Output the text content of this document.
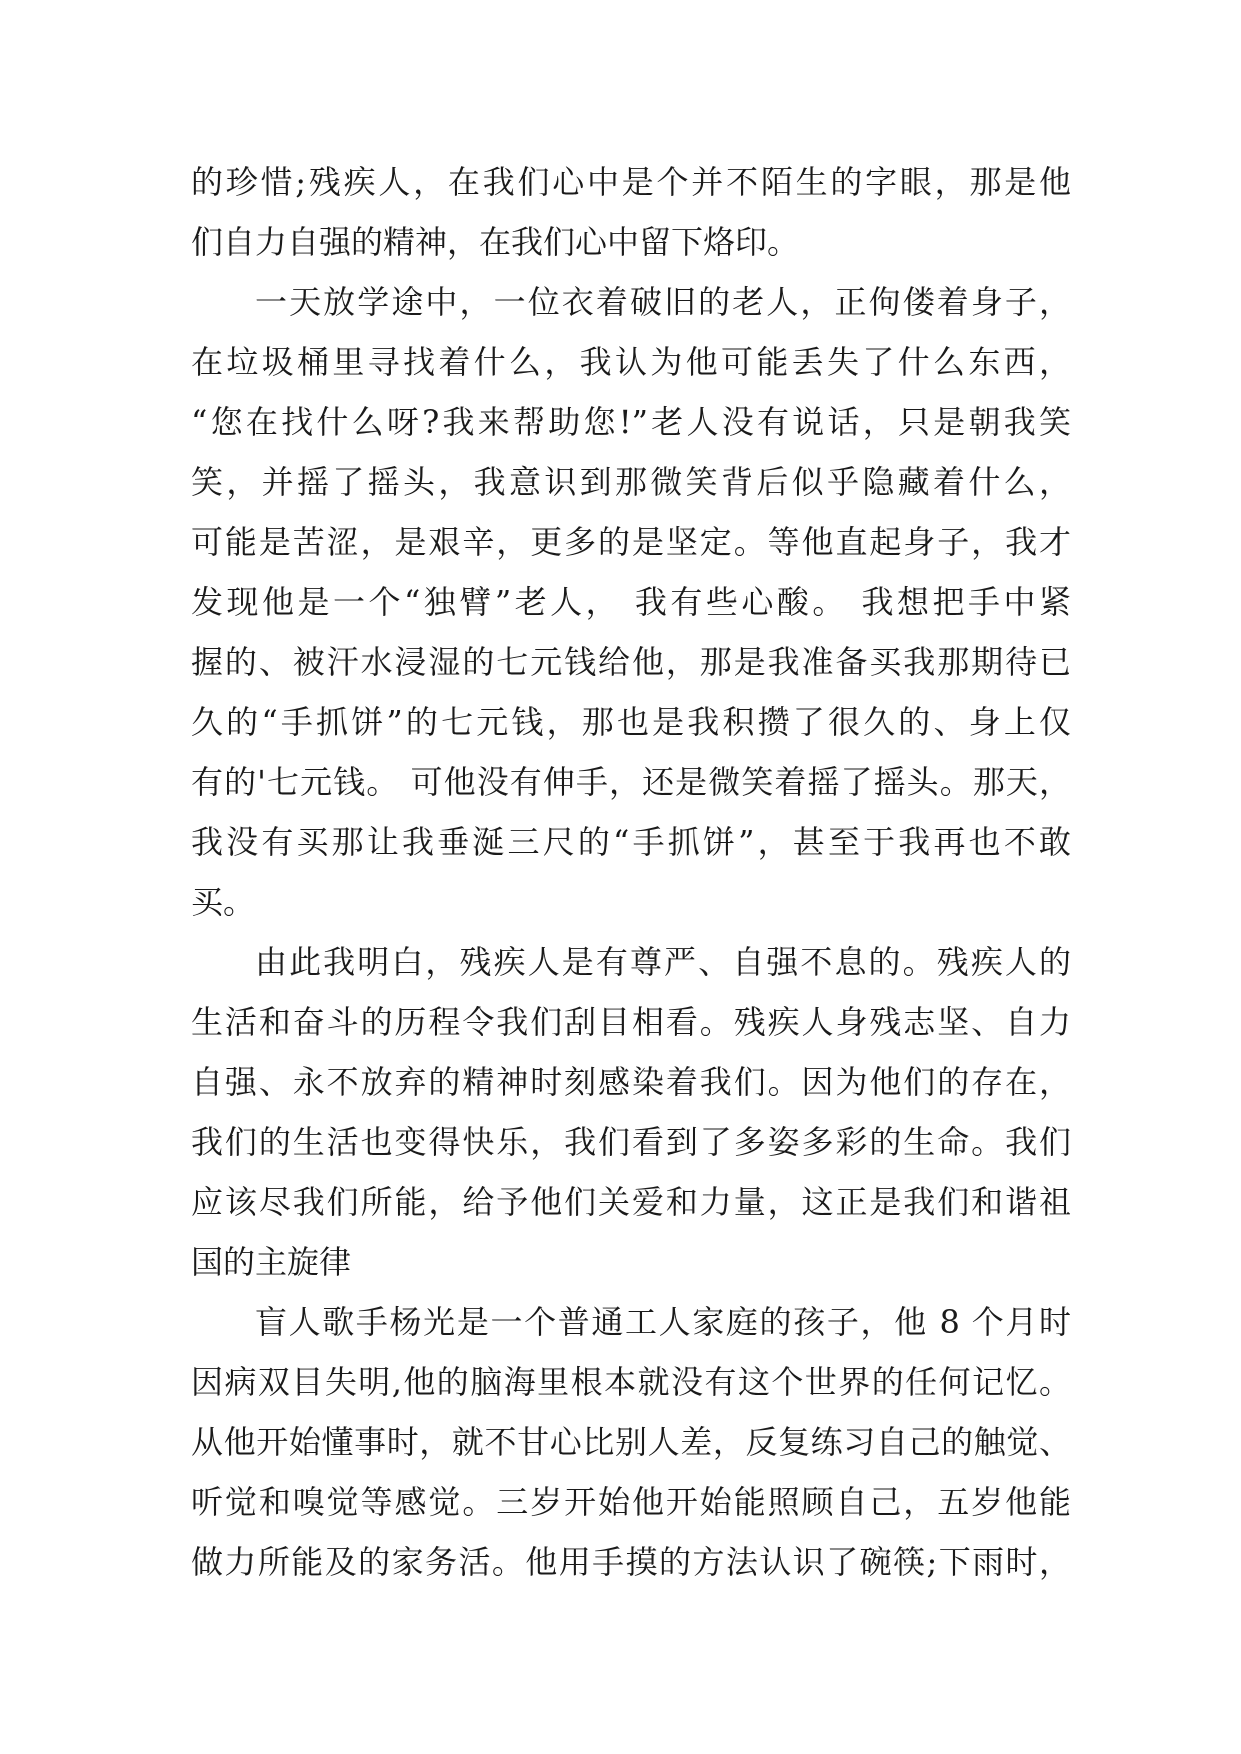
的珍惜;残疾人，在我们心中是个并不陌生的字眼，那是他
们自力自强的精神，在我们心中留下烙印。
一天放学途中，一位衣着破旧的老人，正佝偻着身子，
在垃圾桶里寻找着什么，我认为他可能丢失了什么东西，
“您在找什么呀?我来帮助您!”老人没有说话，只是朝我笑
笑，并摇了摇头，我意识到那微笑背后似乎隐藏着什么，
可能是苦涩，是艰辛，更多的是坚定。等他直起身子，我才
发现他是一个“独臂”老人， 我有些心酸。 我想把手中紧
握的、被汗水浸湿的七元钱给他，那是我准备买我那期待已
久的“手抓饼”的七元钱，那也是我积攒了很久的、身上仅
有的'七元钱。 可他没有伸手，还是微笑着摇了摇头。那天，
我没有买那让我垂涎三尺的“手抓饼”，甚至于我再也不敢
买。
由此我明白，残疾人是有尊严、自强不息的。残疾人的
生活和奋斗的历程令我们刮目相看。残疾人身残志坚、自力
自强、永不放弃的精神时刻感染着我们。因为他们的存在，
我们的生活也变得快乐，我们看到了多姿多彩的生命。我们
应该尽我们所能，给予他们关爱和力量，这正是我们和谐祖
国的主旋律
盲人歌手杨光是一个普通工人家庭的孩子，他 8 个月时
因病双目失明,他的脑海里根本就没有这个世界的任何记忆。
从他开始懂事时，就不甘心比别人差，反复练习自己的触觉、
听觉和嗅觉等感觉。三岁开始他开始能照顾自己，五岁他能
做力所能及的家务活。他用手摸的方法认识了碗筷;下雨时，
